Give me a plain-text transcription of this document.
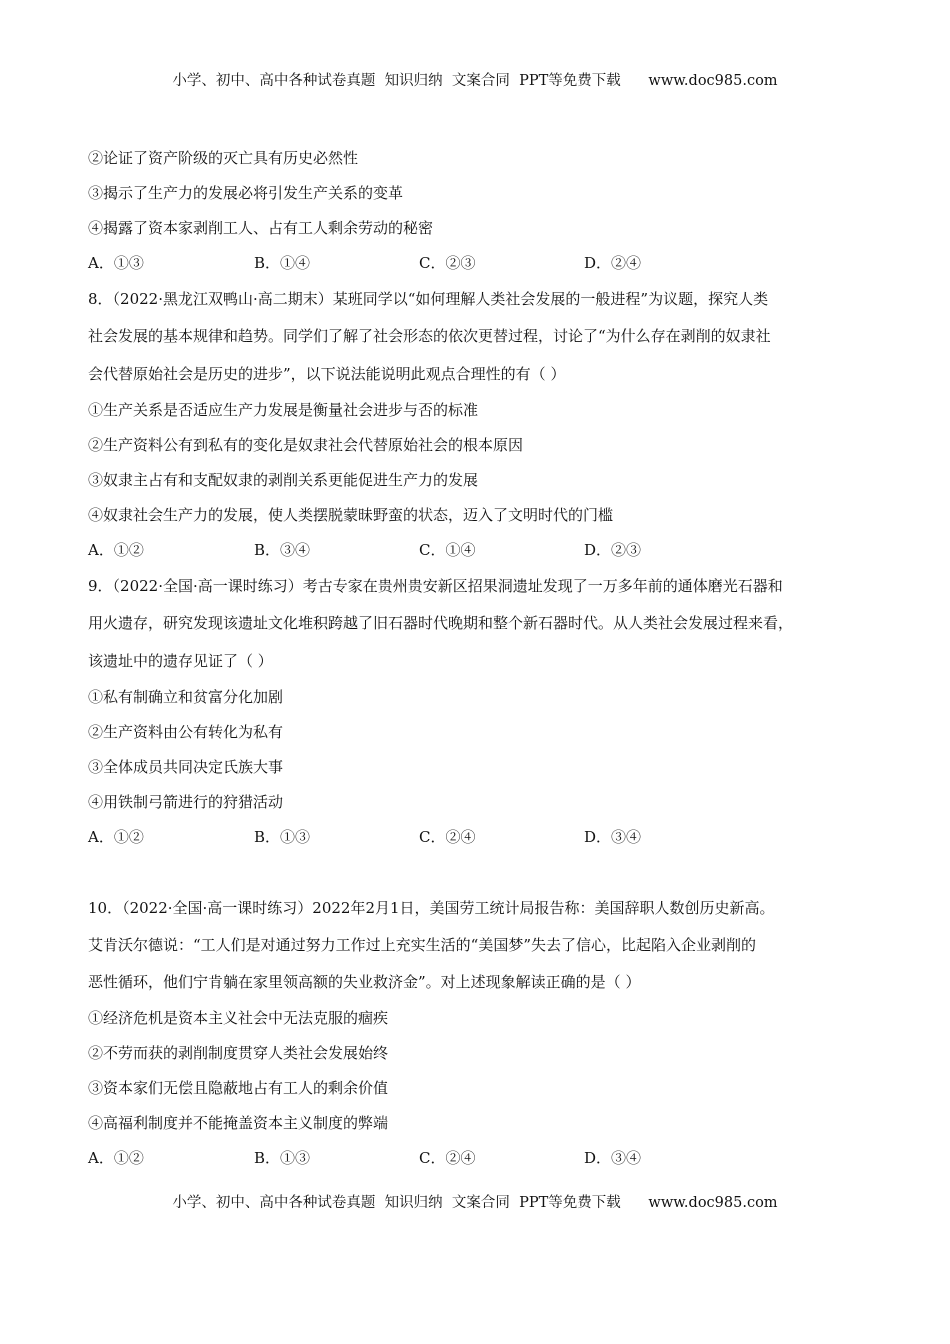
小学、初中、高中各种试卷真题  知识归纳  文案合同  PPT等免费下载      www.doc985.com
②论证了资产阶级的灭亡具有历史必然性
③揭示了生产力的发展必将引发生产关系的变革
④揭露了资本家剥削工人、占有工人剩余劳动的秘密
A．①③	B．①④	C．②③	D．②④
8．（2022·黑龙江双鸭山·高二期末）某班同学以“如何理解人类社会发展的一般进程”为议题，探究人类
社会发展的基本规律和趋势。同学们了解了社会形态的依次更替过程，讨论了“为什么存在剥削的奴隶社
会代替原始社会是历史的进步”，以下说法能说明此观点合理性的有（ ）
①生产关系是否适应生产力发展是衡量社会进步与否的标准
②生产资料公有到私有的变化是奴隶社会代替原始社会的根本原因
③奴隶主占有和支配奴隶的剥削关系更能促进生产力的发展
④奴隶社会生产力的发展，使人类摆脱蒙昧野蛮的状态，迈入了文明时代的门槛
A．①②	B．③④	C．①④	D．②③
9．（2022·全国·高一课时练习）考古专家在贵州贵安新区招果洞遗址发现了一万多年前的通体磨光石器和
用火遗存，研究发现该遗址文化堆积跨越了旧石器时代晚期和整个新石器时代。从人类社会发展过程来看，
该遗址中的遗存见证了（ ）
①私有制确立和贫富分化加剧
②生产资料由公有转化为私有
③全体成员共同决定氏族大事
④用铁制弓箭进行的狩猎活动
A．①②	B．①③	C．②④	D．③④
10．（2022·全国·高一课时练习）2022年2月1日，美国劳工统计局报告称：美国辞职人数创历史新高。
艾肯沃尔德说：“工人们是对通过努力工作过上充实生活的“美国梦”失去了信心，比起陷入企业剥削的
恶性循环，他们宁肯躺在家里领高额的失业救济金”。对上述现象解读正确的是（ ）
①经济危机是资本主义社会中无法克服的痼疾
②不劳而获的剥削制度贯穿人类社会发展始终
③资本家们无偿且隐蔽地占有工人的剩余价值
④高福利制度并不能掩盖资本主义制度的弊端
A．①②	B．①③	C．②④	D．③④
小学、初中、高中各种试卷真题  知识归纳  文案合同  PPT等免费下载      www.doc985.com
